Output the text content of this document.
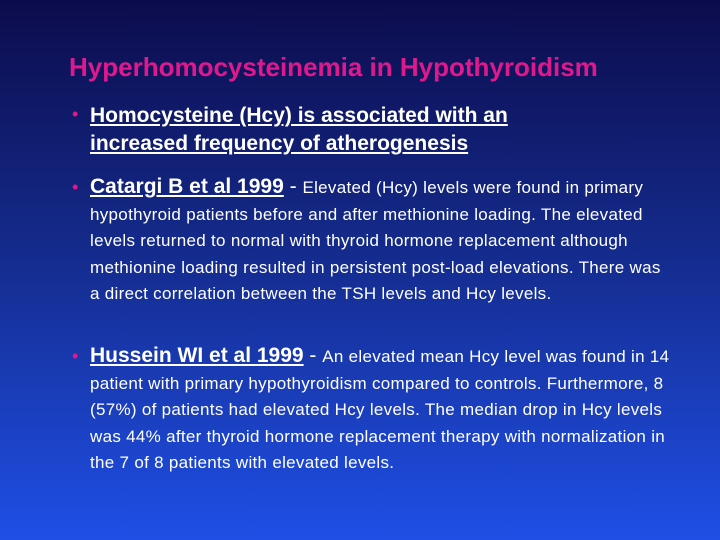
Hyperhomocysteinemia in Hypothyroidism
• Homocysteine (Hcy) is associated with an
increased frequency of atherogenesis
• Catargi B et al 1999 - Elevated (Hcy) levels were found in primary hypothyroid patients before and after methionine loading. The elevated levels returned to normal with thyroid hormone replacement although methionine loading resulted in persistent post-load elevations. There was a direct correlation between the TSH levels and Hcy levels.
• Hussein WI et al 1999 - An elevated mean Hcy level was found in 14 patient with primary hypothyroidism compared to controls. Furthermore, 8 (57%) of patients had elevated Hcy levels. The median drop in Hcy levels was 44% after thyroid hormone replacement therapy with normalization in the 7 of 8 patients with elevated levels.
